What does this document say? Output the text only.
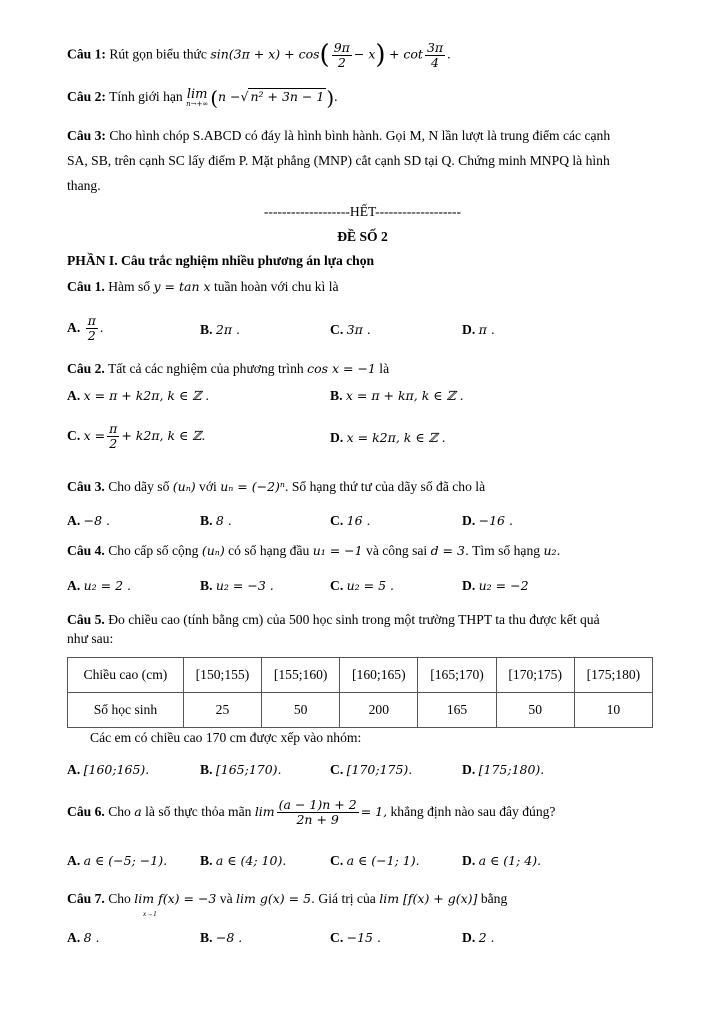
Câu 1: Rút gọn biểu thức $\sin(3\pi + x) + \cos( \frac{9\pi}{2} - x) + \cot \frac{3\pi}{4}$ .
Câu 2: Tính giới hạn lim
n→+∞ (n −√ n² + 3n − 1 ).
Câu 3: Cho hình chóp S.ABCD có đáy là hình bình hành. Gọi M, N lần lượt là trung điểm các cạnh
SA, SB, trên cạnh SC lấy điểm P. Mặt phẳng (MNP) cắt cạnh SD tại Q. Chứng minh MNPQ là hình
thang.
-------------------HẾT-------------------
ĐỀ SỐ 2
PHẦN I. Câu trắc nghiệm nhiều phương án lựa chọn
Câu 1. Hàm số y = tan x tuần hoàn với chu kì là
A. $\frac{\pi}{2}$ .	B. 2π .	C. 3π .	D. π .
Câu 2. Tất cả các nghiệm của phương trình cos x = −1 là
A. x = π + k2π, k ∈ ℤ .	B. x = π + kπ, k ∈ ℤ .
C. $x = \frac{\pi}{2} + k2\pi$, k ∈ ℤ.	D. x = k2π, k ∈ ℤ .
Câu 3. Cho dãy số (uₙ) với uₙ = (−2)ⁿ. Số hạng thứ tư của dãy số đã cho là
A. −8 .	B. 8 .	C. 16 .	D. −16 .
Câu 4. Cho cấp số cộng (uₙ) có số hạng đầu u₁ = −1 và công sai d = 3. Tìm số hạng u₂.
A. u₂ = 2 .	B. u₂ = −3 .	C. u₂ = 5 .	D. u₂ = −2
Câu 5. Đo chiều cao (tính bằng cm) của 500 học sinh trong một trường THPT ta thu được kết quả
như sau:
Chiều cao (cm)	[150;155)	[155;160)	[160;165)	[165;170)	[170;175)	[175;180)
Số học sinh	25	50	200	165	50	10
Các em có chiều cao 170 cm được xếp vào nhóm:
A. [160;165).	B. [165;170).	C. [170;175).	D. [175;180).
Câu 6. Cho a là số thực thỏa mãn $\lim \frac{(a - 1)n + 2}{2n + 9} = 1$, khẳng định nào sau đây đúng?
A. a ∈ (−5; −1). B. a ∈ (4; 10).	C. a ∈ (−1; 1).	D. a ∈ (1; 4).
Câu 7. Cho lim f(x) = −3 và lim g(x) = 5. Giá trị của lim [f(x) + g(x)] bằng
x→1
A. 8 .	B. −8 .	C. −15 .	D. 2 .
